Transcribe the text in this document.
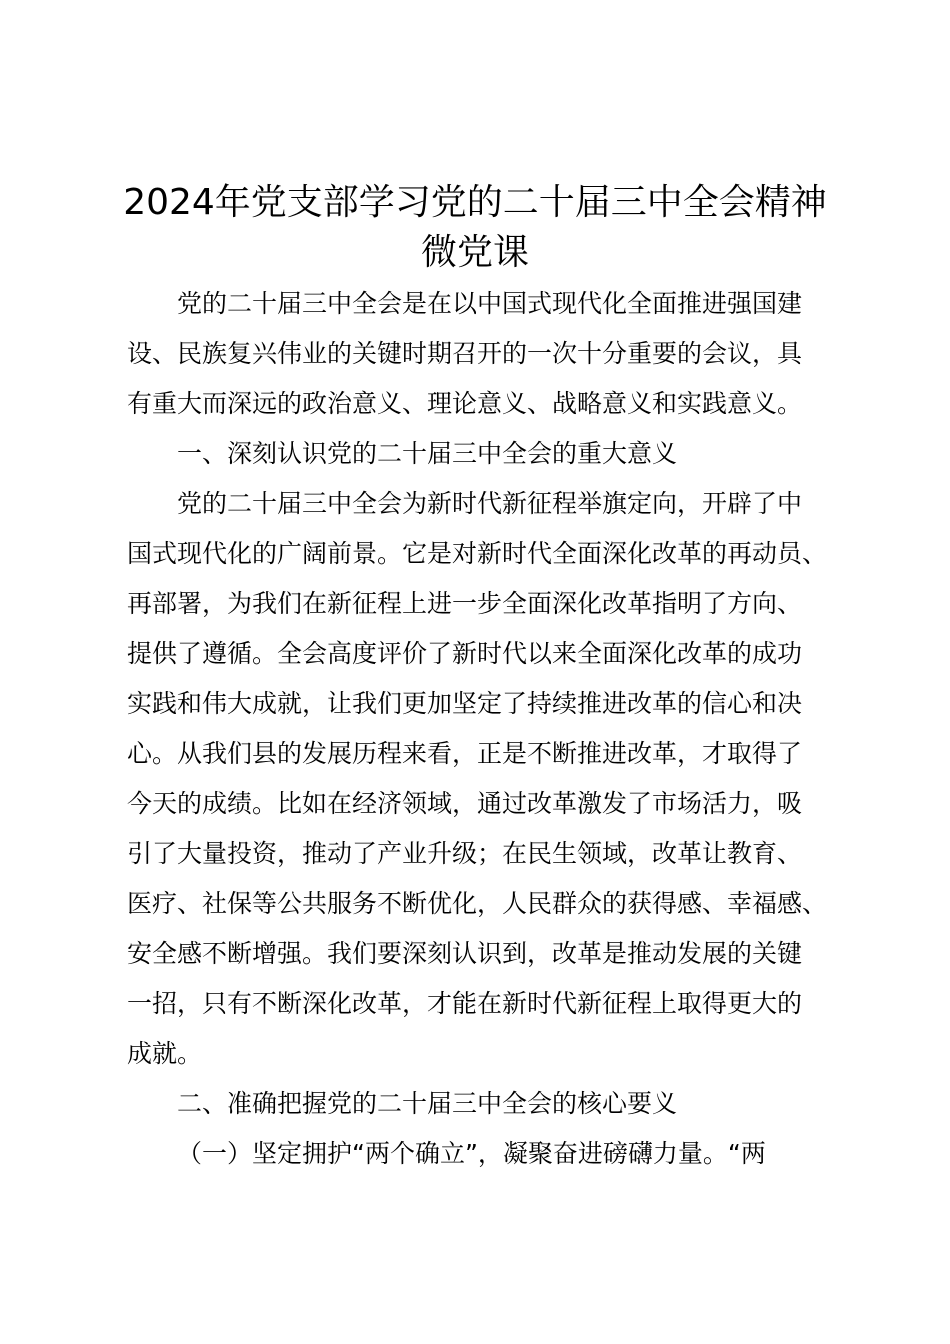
2024年党支部学习党的二十届三中全会精神
微党课

党的二十届三中全会是在以中国式现代化全面推进强国建

设、民族复兴伟业的关键时期召开的一次十分重要的会议，具

有重大而深远的政治意义、理论意义、战略意义和实践意义。

一、深刻认识党的二十届三中全会的重大意义

党的二十届三中全会为新时代新征程举旗定向，开辟了中

国式现代化的广阔前景。它是对新时代全面深化改革的再动员、

再部署，为我们在新征程上进一步全面深化改革指明了方向、

提供了遵循。全会高度评价了新时代以来全面深化改革的成功

实践和伟大成就，让我们更加坚定了持续推进改革的信心和决

心。从我们县的发展历程来看，正是不断推进改革，才取得了

今天的成绩。比如在经济领域，通过改革激发了市场活力，吸

引了大量投资，推动了产业升级；在民生领域，改革让教育、

医疗、社保等公共服务不断优化，人民群众的获得感、幸福感、

安全感不断增强。我们要深刻认识到，改革是推动发展的关键

一招，只有不断深化改革，才能在新时代新征程上取得更大的

成就。

二、准确把握党的二十届三中全会的核心要义

（一）坚定拥护“两个确立”，凝聚奋进磅礴力量。“两
